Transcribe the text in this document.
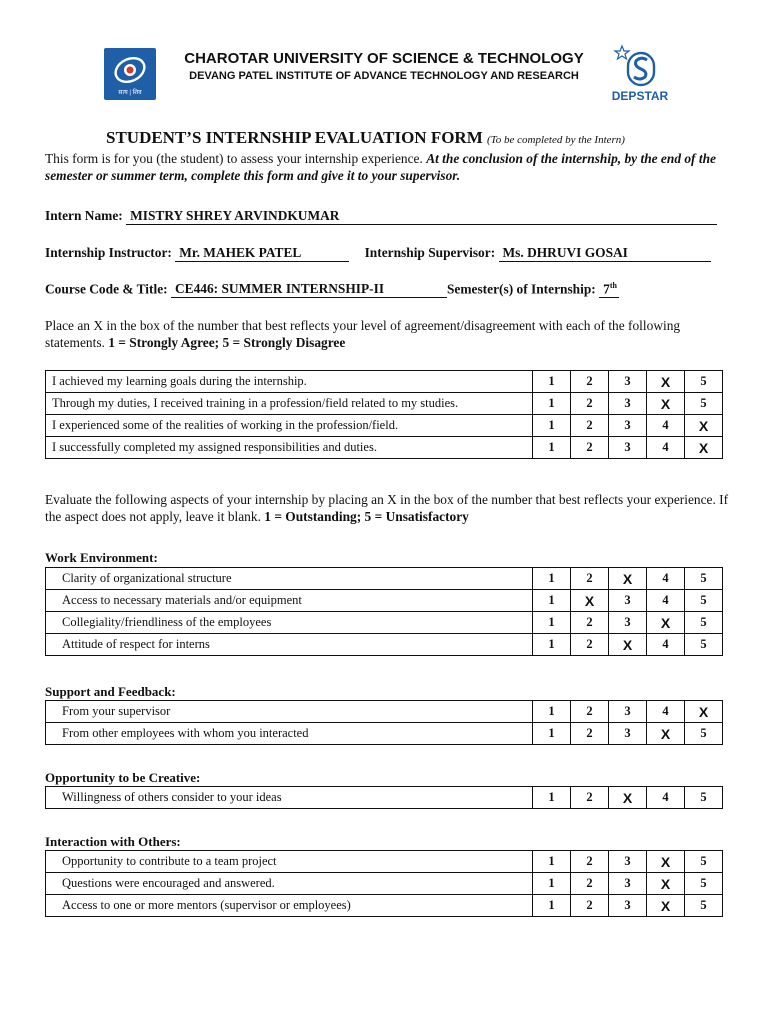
सत्य | शिव
CHAROTAR UNIVERSITY OF SCIENCE & TECHNOLOGY
DEVANG PATEL INSTITUTE OF ADVANCE TECHNOLOGY AND RESEARCH
DEPSTAR
STUDENT’S INTERNSHIP EVALUATION FORM (To be completed by the Intern)
This form is for you (the student) to assess your internship experience. At the conclusion of the internship, by the end of the semester or summer term, complete this form and give it to your supervisor.
Intern Name: MISTRY SHREY ARVINDKUMAR
Internship Instructor: Mr. MAHEK PATEL	Internship Supervisor: Ms. DHRUVI GOSAI
Course Code & Title: CE446: SUMMER INTERNSHIP-II	Semester(s) of Internship: 7th
Place an X in the box of the number that best reflects your level of agreement/disagreement with each of the following statements. 1 = Strongly Agree; 5 = Strongly Disagree
I achieved my learning goals during the internship.	1	2	3	X	5
Through my duties, I received training in a profession/field related to my studies.	1	2	3	X	5
I experienced some of the realities of working in the profession/field.	1	2	3	4	X
I successfully completed my assigned responsibilities and duties.	1	2	3	4	X
Evaluate the following aspects of your internship by placing an X in the box of the number that best reflects your experience. If the aspect does not apply, leave it blank. 1 = Outstanding; 5 = Unsatisfactory
Work Environment:
Clarity of organizational structure	1	2	X	4	5
Access to necessary materials and/or equipment	1	X	3	4	5
Collegiality/friendliness of the employees	1	2	3	X	5
Attitude of respect for interns	1	2	X	4	5
Support and Feedback:
From your supervisor	1	2	3	4	X
From other employees with whom you interacted	1	2	3	X	5
Opportunity to be Creative:
Willingness of others consider to your ideas	1	2	X	4	5
Interaction with Others:
Opportunity to contribute to a team project	1	2	3	X	5
Questions were encouraged and answered.	1	2	3	X	5
Access to one or more mentors (supervisor or employees)	1	2	3	X	5
